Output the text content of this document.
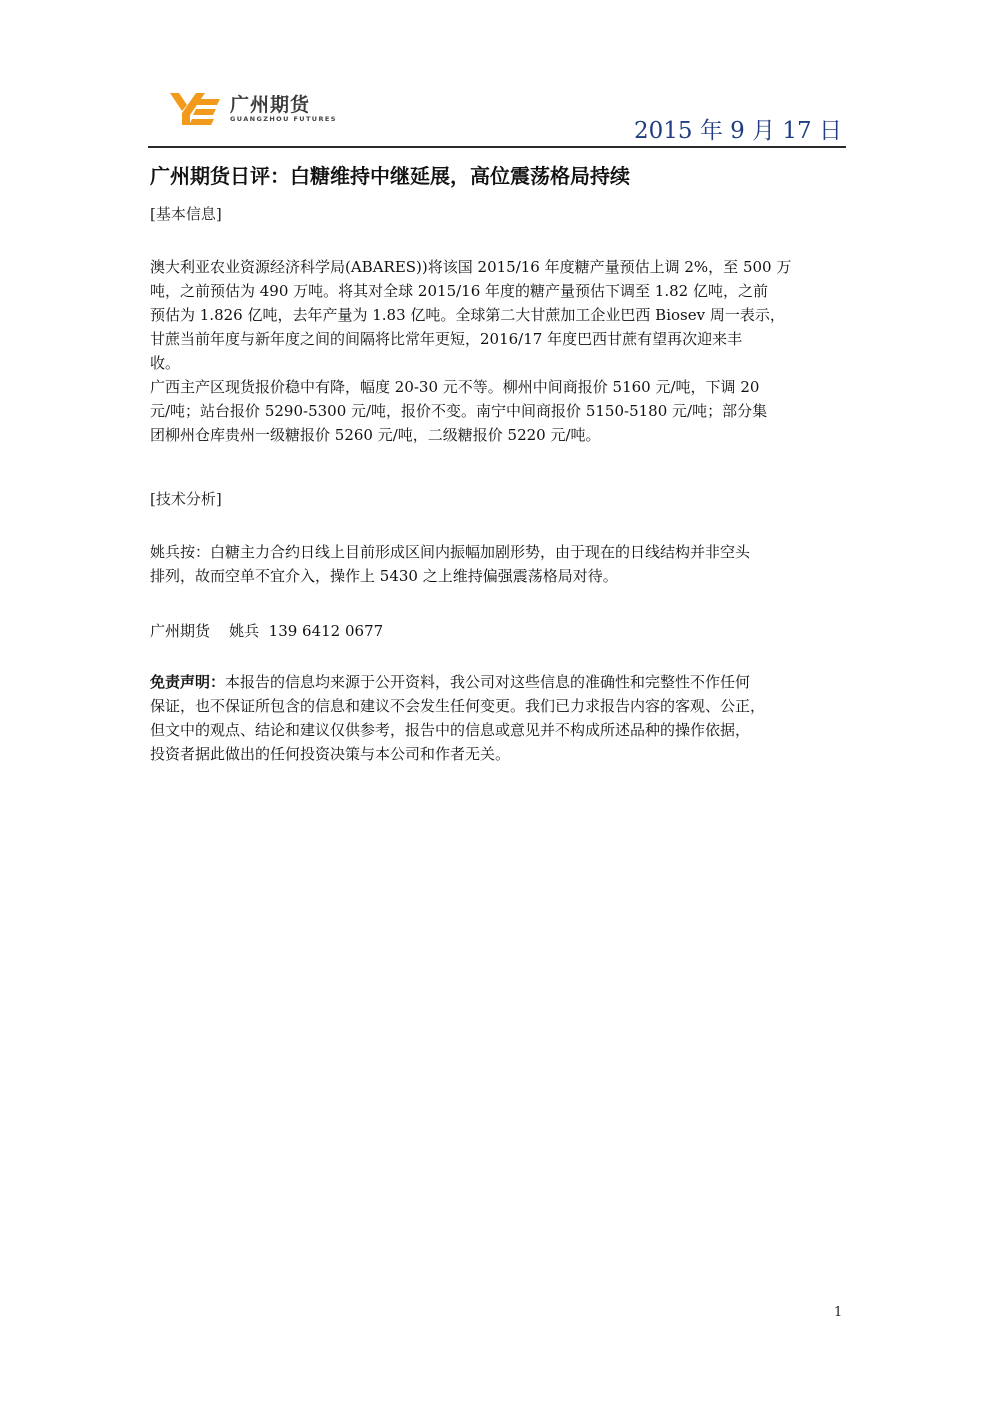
广州期货
GUANGZHOU FUTURES	2015 年 9 月 17 日
广州期货日评：白糖维持中继延展，高位震荡格局持续
[基本信息]
澳大利亚农业资源经济科学局(ABARES))将该国 2015/16 年度糖产量预估上调 2%，至 500 万
吨，之前预估为 490 万吨。将其对全球 2015/16 年度的糖产量预估下调至 1.82 亿吨，之前
预估为 1.826 亿吨，去年产量为 1.83 亿吨。全球第二大甘蔗加工企业巴西 Biosev 周一表示，
甘蔗当前年度与新年度之间的间隔将比常年更短，2016/17 年度巴西甘蔗有望再次迎来丰
收。
广西主产区现货报价稳中有降，幅度 20-30 元不等。柳州中间商报价 5160 元/吨，下调 20
元/吨；站台报价 5290-5300 元/吨，报价不变。南宁中间商报价 5150-5180 元/吨；部分集
团柳州仓库贵州一级糖报价 5260 元/吨，二级糖报价 5220 元/吨。
[技术分析]
姚兵按：白糖主力合约日线上目前形成区间内振幅加剧形势，由于现在的日线结构并非空头
排列，故而空单不宜介入，操作上 5430 之上维持偏强震荡格局对待。
广州期货 姚兵 139 6412 0677
免责声明：本报告的信息均来源于公开资料，我公司对这些信息的准确性和完整性不作任何
保证，也不保证所包含的信息和建议不会发生任何变更。我们已力求报告内容的客观、公正，
但文中的观点、结论和建议仅供参考，报告中的信息或意见并不构成所述品种的操作依据，
投资者据此做出的任何投资决策与本公司和作者无关。
1
